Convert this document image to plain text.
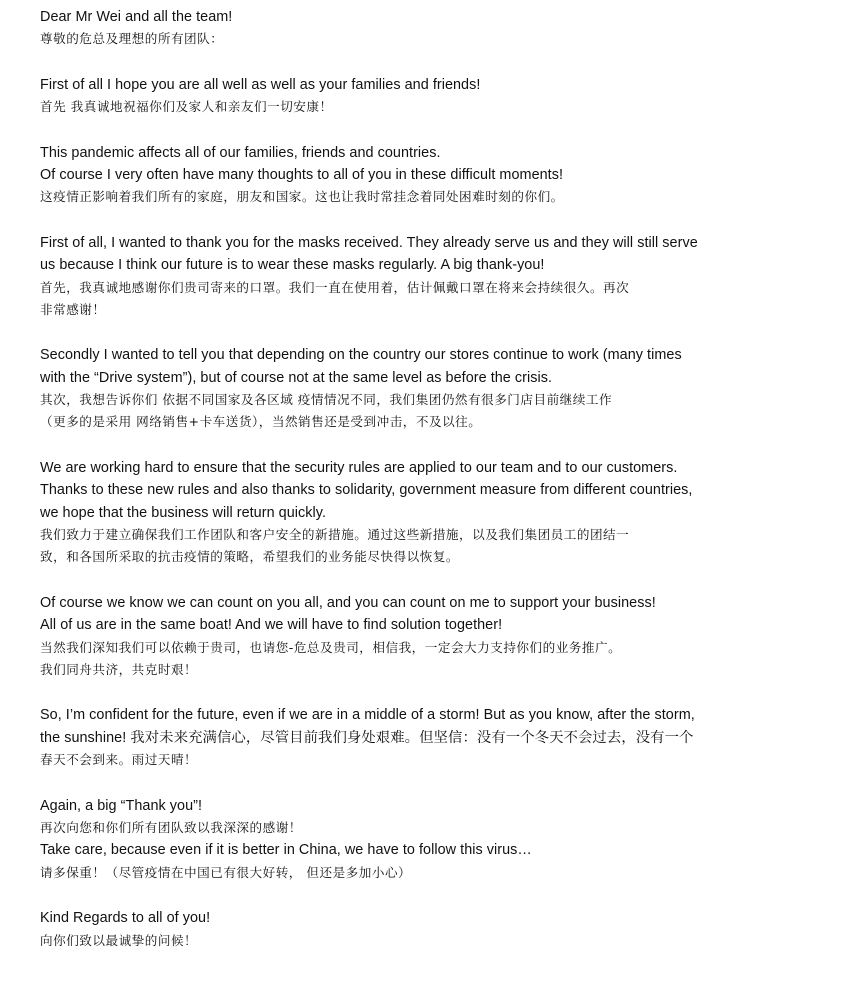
Dear Mr Wei and all the team!
尊敬的危总及理想的所有团队：
First of all I hope you are all well as well as your families and friends!
首先 我真诚地祝福你们及家人和亲友们一切安康！
This pandemic affects all of our families, friends and countries.
Of course I very often have many thoughts to all of you in these difficult moments!
这疫情正影响着我们所有的家庭，朋友和国家。这也让我时常挂念着同处困难时刻的你们。
First of all, I wanted to thank you for the masks received. They already serve us and they will still serve
us because I think our future is to wear these masks regularly. A big thank-you!
首先，我真诚地感谢你们贵司寄来的口罩。我们一直在使用着，估计佩戴口罩在将来会持续很久。再次
非常感谢！
Secondly I wanted to tell you that depending on the country our stores continue to work (many times
with the “Drive system”), but of course not at the same level as before the crisis.
其次，我想告诉你们 依据不同国家及各区域 疫情情况不同，我们集团仍然有很多门店目前继续工作
（更多的是采用 网络销售+卡车送货），当然销售还是受到冲击，不及以往。
We are working hard to ensure that the security rules are applied to our team and to our customers.
Thanks to these new rules and also thanks to solidarity, government measure from different countries,
we hope that the business will return quickly.
我们致力于建立确保我们工作团队和客户安全的新措施。通过这些新措施，以及我们集团员工的团结一
致，和各国所采取的抗击疫情的策略，希望我们的业务能尽快得以恢复。
Of course we know we can count on you all, and you can count on me to support your business!
All of us are in the same boat! And we will have to find solution together!
当然我们深知我们可以依赖于贵司，也请您-危总及贵司，相信我，一定会大力支持你们的业务推广。
我们同舟共济，共克时艰！
So, I’m confident for the future, even if we are in a middle of a storm! But as you know, after the storm,
the sunshine! 我对未来充满信心，尽管目前我们身处艰难。但坚信：没有一个冬天不会过去，没有一个
春天不会到来。雨过天晴！
Again, a big “Thank you”!
再次向您和你们所有团队致以我深深的感谢！
Take care, because even if it is better in China, we have to follow this virus…
请多保重！（尽管疫情在中国已有很大好转， 但还是多加小心）
Kind Regards to all of you!
向你们致以最诚挚的问候！
